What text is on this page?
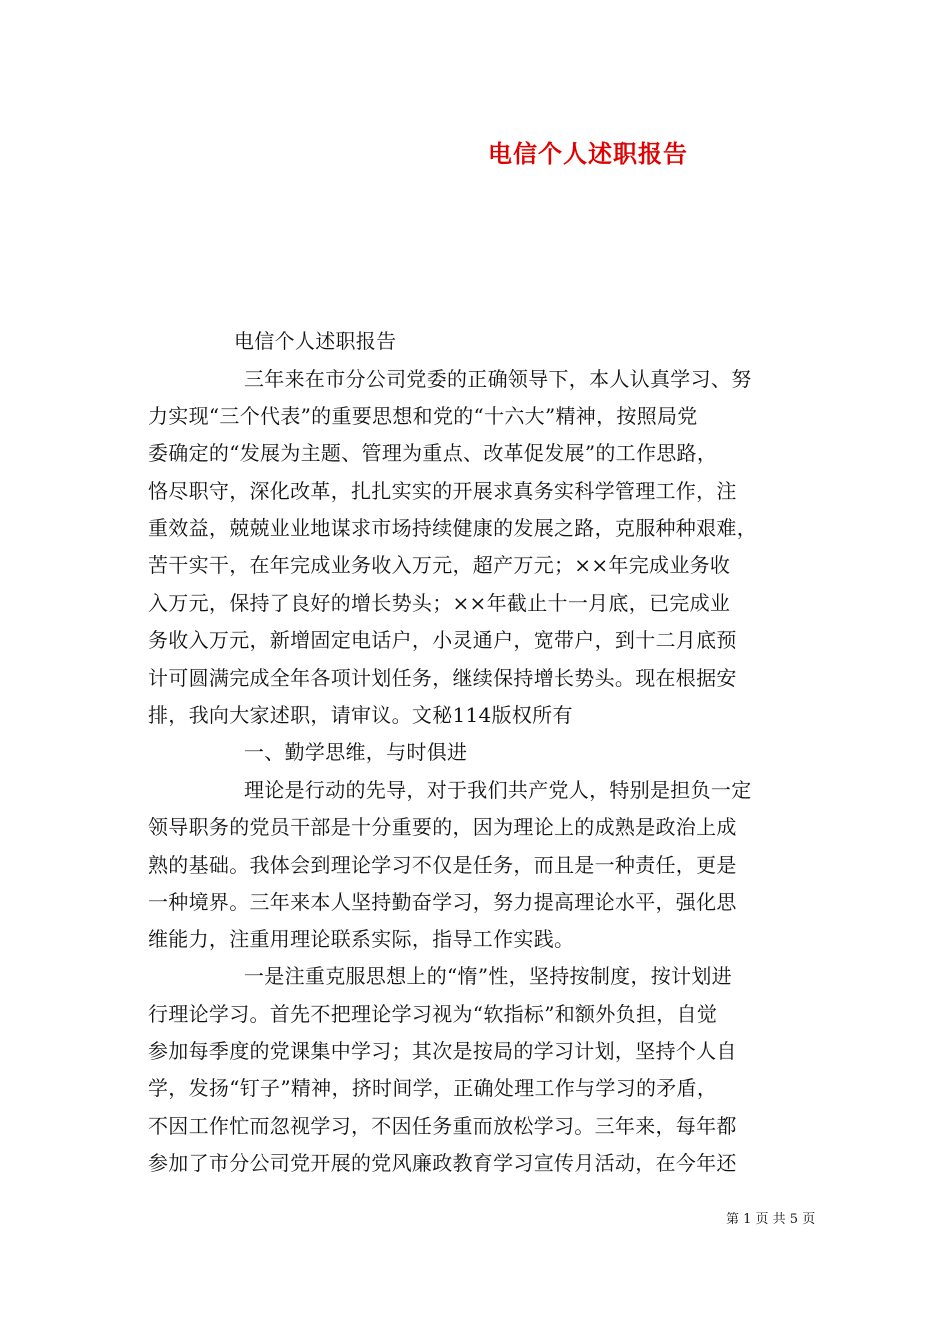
电信个人述职报告
电信个人述职报告
三年来在市分公司党委的正确领导下，本人认真学习、努
力实现“三个代表”的重要思想和党的“十六大”精神，按照局党
委确定的“发展为主题、管理为重点、改革促发展”的工作思路，
恪尽职守，深化改革，扎扎实实的开展求真务实科学管理工作，注
重效益，兢兢业业地谋求市场持续健康的发展之路，克服种种艰难，
苦干实干，在年完成业务收入万元，超产万元；××年完成业务收
入万元，保持了良好的增长势头；××年截止十一月底，已完成业
务收入万元，新增固定电话户，小灵通户，宽带户，到十二月底预
计可圆满完成全年各项计划任务，继续保持增长势头。现在根据安
排，我向大家述职，请审议。文秘114版权所有
一、勤学思维，与时俱进
理论是行动的先导，对于我们共产党人，特别是担负一定
领导职务的党员干部是十分重要的，因为理论上的成熟是政治上成
熟的基础。我体会到理论学习不仅是任务，而且是一种责任，更是
一种境界。三年来本人坚持勤奋学习，努力提高理论水平，强化思
维能力，注重用理论联系实际，指导工作实践。
一是注重克服思想上的“惰”性，坚持按制度，按计划进
行理论学习。首先不把理论学习视为“软指标”和额外负担，自觉
参加每季度的党课集中学习；其次是按局的学习计划，坚持个人自
学，发扬“钉子”精神，挤时间学，正确处理工作与学习的矛盾，
不因工作忙而忽视学习，不因任务重而放松学习。三年来，每年都
参加了市分公司党开展的党风廉政教育学习宣传月活动，在今年还
第 1 页 共 5 页
